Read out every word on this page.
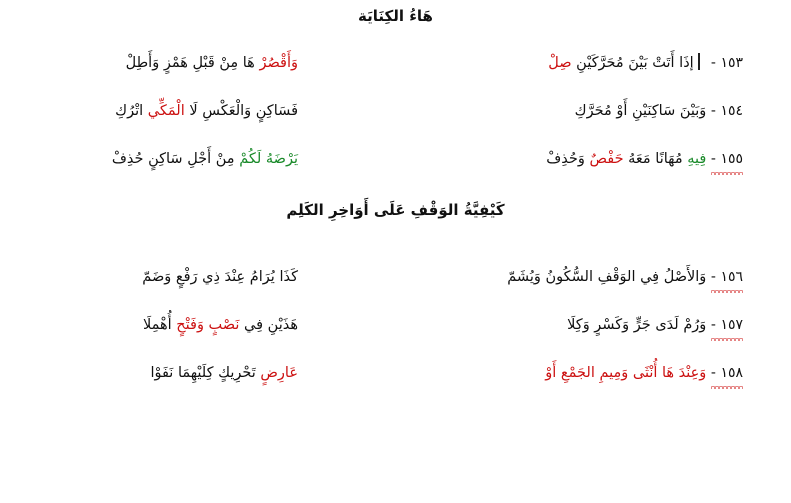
هَاءُ الكِنَايَة
١٥٣ -  إذَا أَتَتْ بَيْنَ مُحَرَّكَيْنِ صِلْ
وَأَقْصُرْ هَا مِنْ قَبْلِ هَمْزٍ وَأَطِلْ
١٥٤ - وَبَيْنَ سَاكِنَيْنِ أَوْ مُحَرَّكِ
فَسَاكِنٍ وَالْعَكْسِ لَا الْمَكِّي اتْرُكِ
١٥٥ - فِيهِ مُهَانًا مَعَهُ حَفْصٌ وَحُذِفْ
يَرْضَهُ لَكُمْ مِنْ أَجْلِ سَاكِنٍ حُذِفْ
كَيْفِيَّةُ الوَقْفِ عَلَى أَوَاخِرِ الكَلِم
١٥٦ - وَالأَصْلُ فِي الوَقْفِ السُّكُونُ وَيُشَمّ
كَذَا يُرَامُ عِنْدَ ذِي رَفْعٍ وَضَمّ
١٥٧ - وَرُمْ لَدَى جَرٍّ وَكَسْرٍ وَكِلَا
هَذَيْنِ فِي نَصْبٍ وَفَتْحٍ أُهْمِلَا
١٥٨ - وَعِنْدَ هَا أُنْثَى وَمِيمِ الجَمْعِ أَوْ
عَارِضٍ تَحْرِيكٍ كِلَيْهِمَا نَفَوْا
